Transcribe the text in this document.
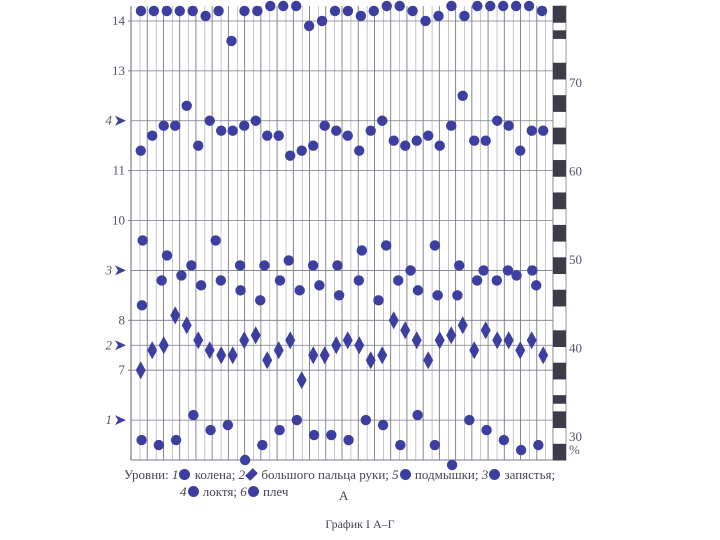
7
8
10
11
13
14
1
2
3
4
30
40
50
60
70
%
Уровни: 1 колена; 2 большого пальца руки; 5 подмышки; 3 запястья;
4 локтя; 6 плеч	А
График I А–Г
